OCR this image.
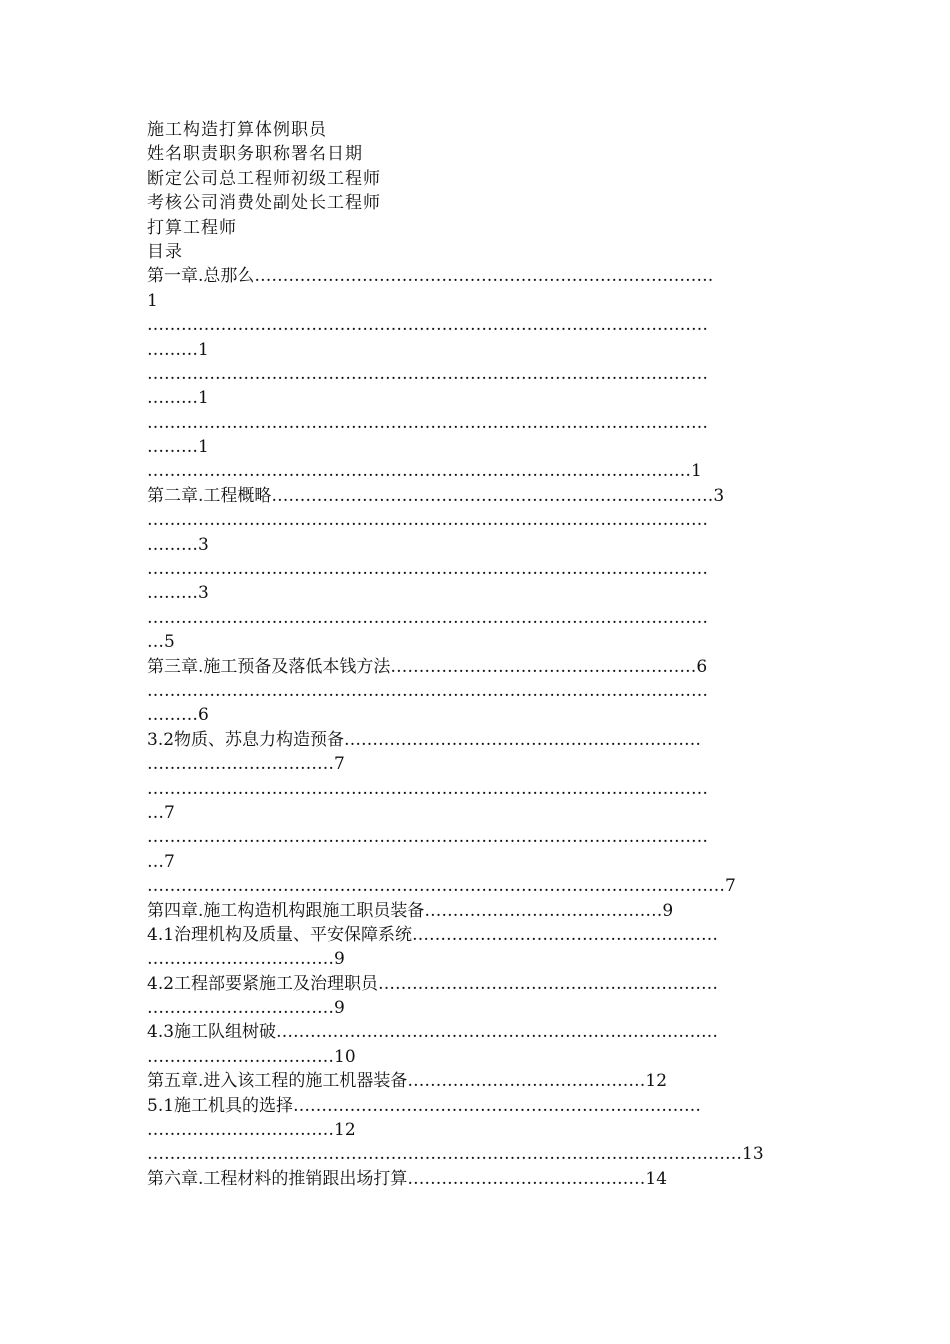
施工构造打算体例职员
姓名职责职务职称署名日期
断定公司总工程师初级工程师
考核公司消费处副处长工程师
打算工程师
目录
第一章.总那么………………………………………………………………………
1
………………………………………………………………………………………
………1
………………………………………………………………………………………
………1
………………………………………………………………………………………
………1
……………………………………………………………………………………1
第二章.工程概略……………………………………………………………………3
………………………………………………………………………………………
………3
………………………………………………………………………………………
………3
………………………………………………………………………………………
…5
第三章.施工预备及落低本钱方法………………………………………………6
………………………………………………………………………………………
………6
3.2物质、苏息力构造预备………………………………………………………
……………………………7
………………………………………………………………………………………
…7
………………………………………………………………………………………
…7
…………………………………………………………………………………………7
第四章.施工构造机构跟施工职员装备……………………………………9
4.1治理机构及质量、平安保障系统………………………………………………
……………………………9
4.2工程部要紧施工及治理职员……………………………………………………
……………………………9
4.3施工队组树破……………………………………………………………………
……………………………10
第五章.进入该工程的施工机器装备……………………………………12
5.1施工机具的选择………………………………………………………………
……………………………12
……………………………………………………………………………………………13
第六章.工程材料的推销跟出场打算……………………………………14
